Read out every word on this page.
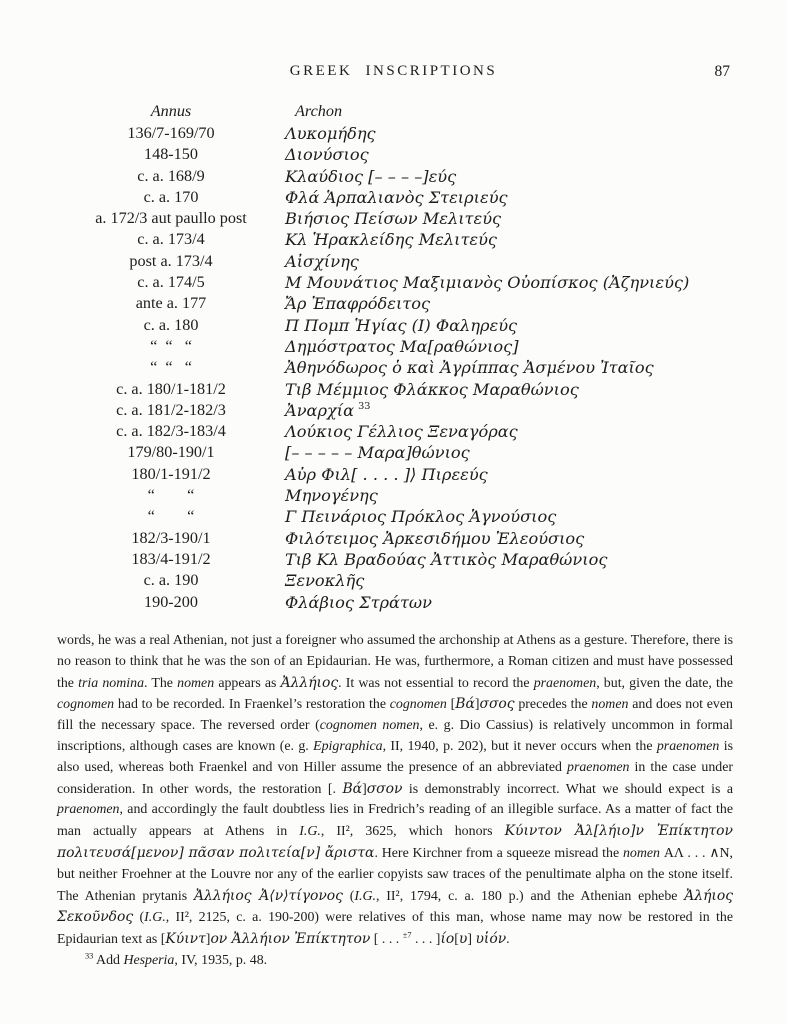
GREEK INSCRIPTIONS	87
Annus	Archon
136/7-169/70	Λυκομήδης
148-150	Διονύσιος
c. a. 168/9	Κλαύδιος [– – – –]εύς
c. a. 170	Φλά Ἁρπαλιανὸς Στειριεύς
a. 172/3 aut paullo post	Βιήσιος Πείσων Μελιτεύς
c. a. 173/4	Κλ Ἡρακλείδης Μελιτεύς
post a. 173/4	Αἰσχίνης
c. a. 174/5	Μ Μουνάτιος Μαξιμιανὸς Οὐοπίσκος (Ἀζηνιεύς)
ante a. 177	Ἄρ Ἐπαφρόδειτος
c. a. 180	Π Πομπ Ἡγίας (Ι) Φαληρεύς
“  “   “	Δημόστρατος Μα[ραθώνιος]
“  “   “	Ἀθηνόδωρος ὁ καὶ Ἀγρίππας Ἀσμένου Ἰταῖος
c. a. 180/1-181/2	Τιβ Μέμμιος Φλάκκος Μαραθώνιος
c. a. 181/2-182/3	Ἀναρχία $^{33}$
c. a. 182/3-183/4	Λούκιος Γέλλιος Ξεναγόρας
179/80-190/1	[– – – – – Μαρα]θώνιος
180/1-191/2	Αὐρ Φιλ[ . . . . ]⟩ Πιρεεύς
“        “	Μηνογένης
“        “	Γ Πεινάριος Πρόκλος Ἁγνούσιος
182/3-190/1	Φιλότειμος Ἀρκεσιδήμου Ἐλεούσιος
183/4-191/2	Τιβ Κλ Βραδούας Ἀττικὸς Μαραθώνιος
c. a. 190	Ξενοκλῆς
190-200	Φλάβιος Στράτων

words, he was a real Athenian, not just a foreigner who assumed the archonship at Athens as a gesture. Therefore, there is no reason to think that he was the son of an Epidaurian. He was, furthermore, a Roman citizen and must have possessed the tria nomina. The nomen appears as Ἀλλήιος. It was not essential to record the praenomen, but, given the date, the cognomen had to be recorded. In Fraenkel’s restoration the cognomen [Βά]σσος precedes the nomen and does not even fill the necessary space. The reversed order (cognomen nomen, e. g. Dio Cassius) is relatively uncommon in formal inscriptions, although cases are known (e. g. Epigraphica, II, 1940, p. 202), but it never occurs when the praenomen is also used, whereas both Fraenkel and von Hiller assume the presence of an abbreviated praenomen in the case under consideration. In other words, the restoration [. Βά]σσον is demonstrably incorrect. What we should expect is a praenomen, and accordingly the fault doubtless lies in Fredrich’s reading of an illegible surface. As a matter of fact the man actually appears at Athens in I.G., II², 3625, which honors Κύιντον Ἀλ[λήιο]ν Ἐπίκτητον πολιτευσά[μενον] πᾶσαν πολιτεία[ν] ἄριστα. Here Kirchner from a squeeze misread the nomen ΑΛ . . . ∧Ν, but neither Froehner at the Louvre nor any of the earlier copyists saw traces of the penultimate alpha on the stone itself. The Athenian prytanis Ἀλλήιος Ἀ⟨ν⟩τίγονος (I.G., II², 1794, c. a. 180 p.) and the Athenian ephebe Ἀλήιος Σεκοῦνδος (I.G., II², 2125, c. a. 190-200) were relatives of this man, whose name may now be restored in the Epidaurian text as [Κύιντ]ον Ἀλλήιον Ἐπίκτητον [ . . . $^{\pm 7}$ . . . ]ίο[υ] υἱόν.

$^{33}$ Add Hesperia, IV, 1935, p. 48.
